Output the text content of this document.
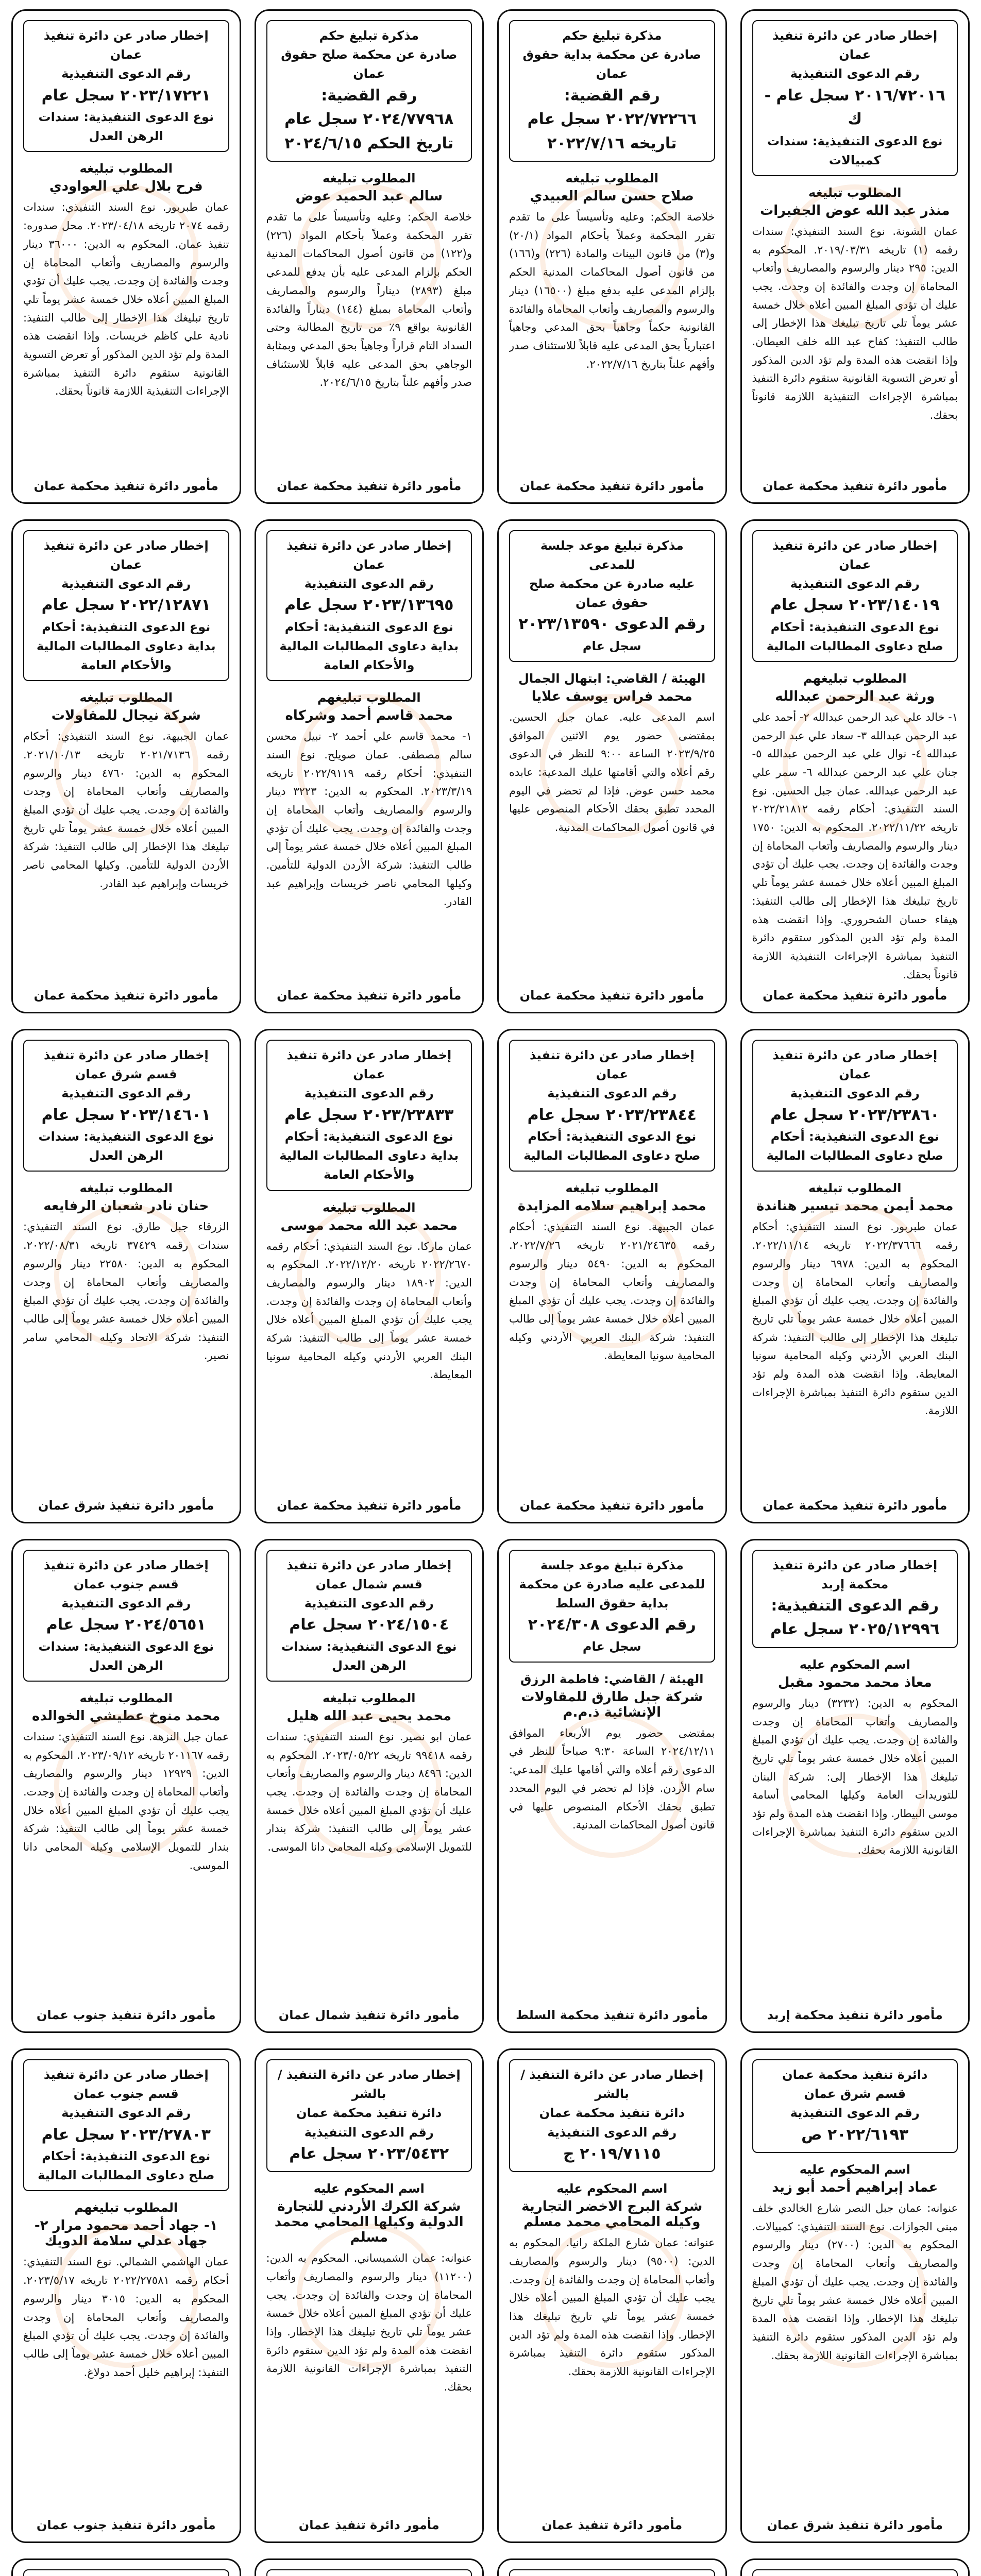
إخطار صادر عن دائرة تنفيذ
عمان
رقم الدعوى التنفيذية
٢٠١٦/٧٢٠١٦ سجل عام - ك
نوع الدعوى التنفيذية: سندات كمبيالات
المطلوب تبليغه
منذر عبد الله عوض الجفيرات
عمان الشونة. نوع السند التنفيذي: سندات رقمه (١) تاريخه ٢٠١٩/٠٣/٣١. المحكوم به الدين: ٢٩٥ دينار والرسوم والمصاريف وأتعاب المحاماة إن وجدت والفائدة إن وجدت. يجب عليك أن تؤدي المبلغ المبين أعلاه خلال خمسة عشر يوماً تلي تاريخ تبليغك هذا الإخطار إلى طالب التنفيذ: كفاح عبد الله خلف العيطان. وإذا انقضت هذه المدة ولم تؤد الدين المذكور أو تعرض التسوية القانونية ستقوم دائرة التنفيذ بمباشرة الإجراءات التنفيذية اللازمة قانوناً بحقك.
مأمور دائرة تنفيذ محكمة عمان
مذكرة تبليغ حكم
صادرة عن محكمة بداية حقوق عمان
رقم القضية: ٢٠٢٢/٧٢٢٦٦ سجل عام
تاريخه ٢٠٢٢/٧/١٦
المطلوب تبليغه
صلاح حسن سالم العبيدي
خلاصة الحكم: وعليه وتأسيساً على ما تقدم تقرر المحكمة وعملاً بأحكام المواد (٢٠/١) و(٣) من قانون البينات والمادة (٢٢٦) و(١٦٦) من قانون أصول المحاكمات المدنية الحكم بإلزام المدعى عليه بدفع مبلغ (١٦٥٠٠) دينار والرسوم والمصاريف وأتعاب المحاماة والفائدة القانونية حكماً وجاهياً بحق المدعي وجاهياً اعتبارياً بحق المدعى عليه قابلاً للاستئناف صدر وأفهم علناً بتاريخ ٢٠٢٢/٧/١٦.
مأمور دائرة تنفيذ محكمة عمان
مذكرة تبليغ حكم
صادرة عن محكمة صلح حقوق عمان
رقم القضية: ٢٠٢٤/٧٧٩٦٨ سجل عام
تاريخ الحكم ٢٠٢٤/٦/١٥
المطلوب تبليغه
سالم عبد الحميد عوض
خلاصة الحكم: وعليه وتأسيساً على ما تقدم تقرر المحكمة وعملاً بأحكام المواد (٢٢٦) و(١٢٢) من قانون أصول المحاكمات المدنية الحكم بإلزام المدعى عليه بأن يدفع للمدعي مبلغ (٢٨٩٣) ديناراً والرسوم والمصاريف وأتعاب المحاماة بمبلغ (١٤٤) ديناراً والفائدة القانونية بواقع ٩٪ من تاريخ المطالبة وحتى السداد التام قراراً وجاهياً بحق المدعي وبمثابة الوجاهي بحق المدعى عليه قابلاً للاستئناف صدر وأفهم علناً بتاريخ ٢٠٢٤/٦/١٥.
مأمور دائرة تنفيذ محكمة عمان
إخطار صادر عن دائرة تنفيذ
عمان
رقم الدعوى التنفيذية
٢٠٢٣/١٧٢٢١ سجل عام
نوع الدعوى التنفيذية: سندات الرهن العدل
المطلوب تبليغه
فرح بلال علي العواودي
عمان طبربور. نوع السند التنفيذي: سندات رقمه ٢٠٧٤ تاريخه ٢٠٢٣/٠٤/١٨. محل صدوره: تنفيذ عمان. المحكوم به الدين: ٣٦٠٠٠ دينار والرسوم والمصاريف وأتعاب المحاماة إن وجدت والفائدة إن وجدت. يجب عليك أن تؤدي المبلغ المبين أعلاه خلال خمسة عشر يوماً تلي تاريخ تبليغك هذا الإخطار إلى طالب التنفيذ: نادية علي كاظم خريسات. وإذا انقضت هذه المدة ولم تؤد الدين المذكور أو تعرض التسوية القانونية ستقوم دائرة التنفيذ بمباشرة الإجراءات التنفيذية اللازمة قانوناً بحقك.
مأمور دائرة تنفيذ محكمة عمان
إخطار صادر عن دائرة تنفيذ
عمان
رقم الدعوى التنفيذية
٢٠٢٣/١٤٠١٩ سجل عام
نوع الدعوى التنفيذية: أحكام صلح دعاوى المطالبات المالية
المطلوب تبليغهم
ورثة عبد الرحمن عبدالله
١- خالد علي عبد الرحمن عبدالله ٢- أحمد علي عبد الرحمن عبدالله ٣- سعاد علي عبد الرحمن عبدالله ٤- نوال علي عبد الرحمن عبدالله ٥- جنان علي عبد الرحمن عبدالله ٦- سمر علي عبد الرحمن عبدالله. عمان جبل الحسين. نوع السند التنفيذي: أحكام رقمه ٢٠٢٢/٢١٨١٢ تاريخه ٢٠٢٢/١١/٢٢. المحكوم به الدين: ١٧٥٠ دينار والرسوم والمصاريف وأتعاب المحاماة إن وجدت والفائدة إن وجدت. يجب عليك أن تؤدي المبلغ المبين أعلاه خلال خمسة عشر يوماً تلي تاريخ تبليغك هذا الإخطار إلى طالب التنفيذ: هيفاء حسان الشحروري. وإذا انقضت هذه المدة ولم تؤد الدين المذكور ستقوم دائرة التنفيذ بمباشرة الإجراءات التنفيذية اللازمة قانوناً بحقك.
مأمور دائرة تنفيذ محكمة عمان
مذكرة تبليغ موعد جلسة للمدعى
عليه صادرة عن محكمة صلح حقوق عمان
رقم الدعوى ٢٠٢٣/١٣٥٩٠
سجل عام
الهيئة / القاضي: ابتهال الجمال
محمد فراس يوسف علايا
اسم المدعى عليه. عمان جبل الحسين. بمقتضى حضور يوم الاثنين الموافق ٢٠٢٣/٩/٢٥ الساعة ٩:٠٠ للنظر في الدعوى رقم أعلاه والتي أقامتها عليك المدعية: عابده محمد حسن عوض. فإذا لم تحضر في اليوم المحدد تطبق بحقك الأحكام المنصوص عليها في قانون أصول المحاكمات المدنية.
مأمور دائرة تنفيذ محكمة عمان
إخطار صادر عن دائرة تنفيذ
عمان
رقم الدعوى التنفيذية
٢٠٢٣/١٣٦٩٥ سجل عام
نوع الدعوى التنفيذية: أحكام بداية دعاوى المطالبات المالية والأحكام العامة
المطلوب تبليغهم
محمد قاسم أحمد وشركاه
١- محمد قاسم علي أحمد ٢- نبيل محسن سالم مصطفى. عمان صويلح. نوع السند التنفيذي: أحكام رقمه ٢٠٢٢/٩١١٩ تاريخه ٢٠٢٣/٣/١٩. المحكوم به الدين: ٣٢٢٣ دينار والرسوم والمصاريف وأتعاب المحاماة إن وجدت والفائدة إن وجدت. يجب عليك أن تؤدي المبلغ المبين أعلاه خلال خمسة عشر يوماً إلى طالب التنفيذ: شركة الأردن الدولية للتأمين. وكيلها المحامي ناصر خريسات وإبراهيم عبد القادر.
مأمور دائرة تنفيذ محكمة عمان
إخطار صادر عن دائرة تنفيذ
عمان
رقم الدعوى التنفيذية
٢٠٢٢/١٢٨٧١ سجل عام
نوع الدعوى التنفيذية: أحكام بداية دعاوى المطالبات المالية والأحكام العامة
المطلوب تبليغه
شركة نيجال للمقاولات
عمان الجبيهة. نوع السند التنفيذي: أحكام رقمه ٢٠٢١/٧١٣٦ تاريخه ٢٠٢١/١٠/١٣. المحكوم به الدين: ٤٧٦٠ دينار والرسوم والمصاريف وأتعاب المحاماة إن وجدت والفائدة إن وجدت. يجب عليك أن تؤدي المبلغ المبين أعلاه خلال خمسة عشر يوماً تلي تاريخ تبليغك هذا الإخطار إلى طالب التنفيذ: شركة الأردن الدولية للتأمين. وكيلها المحامي ناصر خريسات وإبراهيم عبد القادر.
مأمور دائرة تنفيذ محكمة عمان
إخطار صادر عن دائرة تنفيذ
عمان
رقم الدعوى التنفيذية
٢٠٢٣/٢٣٨٦٠ سجل عام
نوع الدعوى التنفيذية: أحكام صلح دعاوى المطالبات المالية
المطلوب تبليغه
محمد أيمن محمد تيسير هناندة
عمان طبربور. نوع السند التنفيذي: أحكام رقمه ٢٠٢٢/٣٧٦٦٦ تاريخه ٢٠٢٢/١١/١٤. المحكوم به الدين: ٦٩٧٨ دينار والرسوم والمصاريف وأتعاب المحاماة إن وجدت والفائدة إن وجدت. يجب عليك أن تؤدي المبلغ المبين أعلاه خلال خمسة عشر يوماً تلي تاريخ تبليغك هذا الإخطار إلى طالب التنفيذ: شركة البنك العربي الأردني وكيله المحامية سونيا المعايطة. وإذا انقضت هذه المدة ولم تؤد الدين ستقوم دائرة التنفيذ بمباشرة الإجراءات اللازمة.
مأمور دائرة تنفيذ محكمة عمان
إخطار صادر عن دائرة تنفيذ
عمان
رقم الدعوى التنفيذية
٢٠٢٣/٢٣٨٤٤ سجل عام
نوع الدعوى التنفيذية: أحكام صلح دعاوى المطالبات المالية
المطلوب تبليغه
محمد إبراهيم سلامه المزايدة
عمان الجبيهة. نوع السند التنفيذي: أحكام رقمه ٢٠٢١/٢٤٦٣٥ تاريخه ٢٠٢٢/٧/٢٦. المحكوم به الدين: ٥٤٩٠ دينار والرسوم والمصاريف وأتعاب المحاماة إن وجدت والفائدة إن وجدت. يجب عليك أن تؤدي المبلغ المبين أعلاه خلال خمسة عشر يوماً إلى طالب التنفيذ: شركة البنك العربي الأردني وكيله المحامية سونيا المعايطة.
مأمور دائرة تنفيذ محكمة عمان
إخطار صادر عن دائرة تنفيذ
عمان
رقم الدعوى التنفيذية
٢٠٢٣/٢٣٨٣٣ سجل عام
نوع الدعوى التنفيذية: أحكام بداية دعاوى المطالبات المالية والأحكام العامة
المطلوب تبليغه
محمد عبد الله محمد موسى
عمان ماركا. نوع السند التنفيذي: أحكام رقمه ٢٠٢٢/٢٦٧٠ تاريخه ٢٠٢٢/١٢/٢٠. المحكوم به الدين: ١٨٩٠٢ دينار والرسوم والمصاريف وأتعاب المحاماة إن وجدت والفائدة إن وجدت. يجب عليك أن تؤدي المبلغ المبين أعلاه خلال خمسة عشر يوماً إلى طالب التنفيذ: شركة البنك العربي الأردني وكيله المحامية سونيا المعايطة.
مأمور دائرة تنفيذ محكمة عمان
إخطار صادر عن دائرة تنفيذ
قسم شرق عمان
رقم الدعوى التنفيذية
٢٠٢٣/١٤٦٠١ سجل عام
نوع الدعوى التنفيذية: سندات الرهن العدل
المطلوب تبليغه
حنان نادر شعبان الرفايعه
الزرقاء جبل طارق. نوع السند التنفيذي: سندات رقمه ٣٧٤٢٩ تاريخه ٢٠٢٢/٠٨/٣١. المحكوم به الدين: ٢٢٥٨٠ دينار والرسوم والمصاريف وأتعاب المحاماة إن وجدت والفائدة إن وجدت. يجب عليك أن تؤدي المبلغ المبين أعلاه خلال خمسة عشر يوماً إلى طالب التنفيذ: شركة الاتحاد وكيله المحامي سامر نصير.
مأمور دائرة تنفيذ شرق عمان
إخطار صادر عن دائرة تنفيذ
محكمة إربد
رقم الدعوى التنفيذية: ٢٠٢٥/١٢٩٩٦ سجل عام
اسم المحكوم عليه
معاذ محمد محمود مقبل
المحكوم به الدين: (٣٢٣٢) دينار والرسوم والمصاريف وأتعاب المحاماة إن وجدت والفائدة إن وجدت. يجب عليك أن تؤدي المبلغ المبين أعلاه خلال خمسة عشر يوماً تلي تاريخ تبليغك هذا الإخطار إلى: شركة البنان للتوريدات العامة وكيلها المحامي أسامة موسى البيطار. وإذا انقضت هذه المدة ولم تؤد الدين ستقوم دائرة التنفيذ بمباشرة الإجراءات القانونية اللازمة بحقك.
مأمور دائرة تنفيذ محكمة إربد
مذكرة تبليغ موعد جلسة
للمدعى عليه صادرة عن محكمة
بداية حقوق السلط
رقم الدعوى ٢٠٢٤/٣٠٨
سجل عام
الهيئة / القاضي: فاطمة الرزق
شركة جبل طارق للمقاولات الإنشائية ذ.م.م
بمقتضى حضور يوم الأربعاء الموافق ٢٠٢٤/١٢/١١ الساعة ٩:٣٠ صباحاً للنظر في الدعوى رقم أعلاه والتي أقامها عليك المدعي: سام الأردن. فإذا لم تحضر في اليوم المحدد تطبق بحقك الأحكام المنصوص عليها في قانون أصول المحاكمات المدنية.
مأمور دائرة تنفيذ محكمة السلط
إخطار صادر عن دائرة تنفيذ
قسم شمال عمان
رقم الدعوى التنفيذية
٢٠٢٤/١٥٠٤ سجل عام
نوع الدعوى التنفيذية: سندات الرهن العدل
المطلوب تبليغه
محمد يحيى عبد الله هليل
عمان ابو نصير. نوع السند التنفيذي: سندات رقمه ٩٩٤١٨ تاريخه ٢٠٢٣/٠٥/٢٢. المحكوم به الدين: ٨٤٩٦ دينار والرسوم والمصاريف وأتعاب المحاماة إن وجدت والفائدة إن وجدت. يجب عليك أن تؤدي المبلغ المبين أعلاه خلال خمسة عشر يوماً إلى طالب التنفيذ: شركة بندار للتمويل الإسلامي وكيله المحامي دانا الموسى.
مأمور دائرة تنفيذ شمال عمان
إخطار صادر عن دائرة تنفيذ
قسم جنوب عمان
رقم الدعوى التنفيذية
٢٠٢٤/٥٦٥١ سجل عام
نوع الدعوى التنفيذية: سندات الرهن العدل
المطلوب تبليغه
محمد منوخ عطيشي الخوالده
عمان جبل النزهة. نوع السند التنفيذي: سندات رقمه ٢٠١١٦٧ تاريخه ٢٠٢٣/٠٩/١٢. المحكوم به الدين: ١٢٩٢٩ دينار والرسوم والمصاريف وأتعاب المحاماة إن وجدت والفائدة إن وجدت. يجب عليك أن تؤدي المبلغ المبين أعلاه خلال خمسة عشر يوماً إلى طالب التنفيذ: شركة بندار للتمويل الإسلامي وكيله المحامي دانا الموسى.
مأمور دائرة تنفيذ جنوب عمان
دائرة تنفيذ محكمة عمان
قسم شرق عمان
رقم الدعوى التنفيذية
٢٠٢٢/٦١٩٣ ص
اسم المحكوم عليه
عماد إبراهيم أحمد أبو زيد
عنوانه: عمان جبل النصر شارع الخالدي خلف مبنى الجوازات. نوع السند التنفيذي: كمبيالات. المحكوم به الدين: (٢٧٠٠) دينار والرسوم والمصاريف وأتعاب المحاماة إن وجدت والفائدة إن وجدت. يجب عليك أن تؤدي المبلغ المبين أعلاه خلال خمسة عشر يوماً تلي تاريخ تبليغك هذا الإخطار. وإذا انقضت هذه المدة ولم تؤد الدين المذكور ستقوم دائرة التنفيذ بمباشرة الإجراءات القانونية اللازمة بحقك.
مأمور دائرة تنفيذ شرق عمان
إخطار صادر عن دائرة التنفيذ / بالشر
دائرة تنفيذ محكمة عمان
رقم الدعوى التنفيذية
٢٠١٩/٧١١٥ ج
اسم المحكوم عليه
شركة البرج الاخضر التجارية وكيله المحامي محمد مسلم
عنوانه: عمان شارع الملكة رانيا. المحكوم به الدين: (٩٥٠٠) دينار والرسوم والمصاريف وأتعاب المحاماة إن وجدت والفائدة إن وجدت. يجب عليك أن تؤدي المبلغ المبين أعلاه خلال خمسة عشر يوماً تلي تاريخ تبليغك هذا الإخطار. وإذا انقضت هذه المدة ولم تؤد الدين المذكور ستقوم دائرة التنفيذ بمباشرة الإجراءات القانونية اللازمة بحقك.
مأمور دائرة تنفيذ عمان
إخطار صادر عن دائرة التنفيذ / بالشر
دائرة تنفيذ محكمة عمان
رقم الدعوى التنفيذية
٢٠٢٣/٥٤٣٢ سجل عام
اسم المحكوم عليه
شركة الكرك الأردني للتجارة الدولية وكيلها المحامي محمد مسلم
عنوانه: عمان الشميساني. المحكوم به الدين: (١١٢٠٠) دينار والرسوم والمصاريف وأتعاب المحاماة إن وجدت والفائدة إن وجدت. يجب عليك أن تؤدي المبلغ المبين أعلاه خلال خمسة عشر يوماً تلي تاريخ تبليغك هذا الإخطار. وإذا انقضت هذه المدة ولم تؤد الدين ستقوم دائرة التنفيذ بمباشرة الإجراءات القانونية اللازمة بحقك.
مأمور دائرة تنفيذ عمان
إخطار صادر عن دائرة تنفيذ
قسم جنوب عمان
رقم الدعوى التنفيذية
٢٠٢٣/٢٧٨٠٣ سجل عام
نوع الدعوى التنفيذية: أحكام صلح دعاوى المطالبات المالية
المطلوب تبليغهم
١- جهاد أحمد محمود مرار ٢- جهاد عدلي سلامة الدويك
عمان الهاشمي الشمالي. نوع السند التنفيذي: أحكام رقمه ٢٠٢٢/٢٧٥٨١ تاريخه ٢٠٢٣/٥/١٧. المحكوم به الدين: ٣٠١٥ دينار والرسوم والمصاريف وأتعاب المحاماة إن وجدت والفائدة إن وجدت. يجب عليك أن تؤدي المبلغ المبين أعلاه خلال خمسة عشر يوماً إلى طالب التنفيذ: إبراهيم خليل أحمد دولاغ.
مأمور دائرة تنفيذ جنوب عمان
